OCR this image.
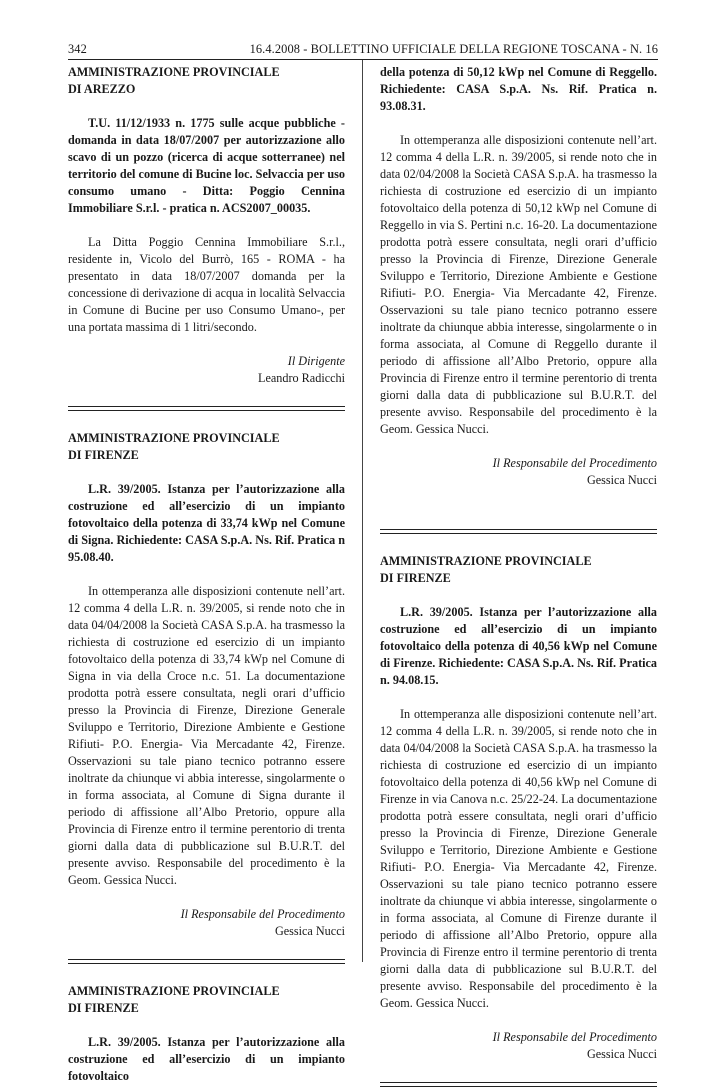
342	16.4.2008 - BOLLETTINO UFFICIALE DELLA REGIONE TOSCANA - N. 16

AMMINISTRAZIONE PROVINCIALE

DI AREZZO

T.U. 11/12/1933 n. 1775 sulle acque pubbliche - domanda in data 18/07/2007 per autorizzazione allo scavo di un pozzo (ricerca di acque sotterranee) nel territorio del comune di Bucine loc. Selvaccia per uso consumo umano - Ditta: Poggio Cennina Immobiliare S.r.l. - pratica n. ACS2007_00035.

La Ditta Poggio Cennina Immobiliare S.r.l., residente in, Vicolo del Burrò, 165 - ROMA - ha presentato in data 18/07/2007 domanda per la concessione di derivazione di acqua in località Selvaccia in Comune di Bucine per uso Consumo Umano-, per una portata massima di 1 litri/secondo.

Il Dirigente
Leandro Radicchi

AMMINISTRAZIONE PROVINCIALE

DI FIRENZE

L.R. 39/2005. Istanza per l’autorizzazione alla costruzione ed all’esercizio di un impianto fotovoltaico della potenza di 33,74 kWp nel Comune di Signa. Richiedente: CASA S.p.A. Ns. Rif. Pratica n 95.08.40.

In ottemperanza alle disposizioni contenute nell’art. 12 comma 4 della L.R. n. 39/2005, si rende noto che in data 04/04/2008 la Società CASA S.p.A. ha trasmesso la richiesta di costruzione ed esercizio di un impianto fotovoltaico della potenza di 33,74 kWp nel Comune di Signa in via della Croce n.c. 51. La documentazione prodotta potrà essere consultata, negli orari d’ufficio presso la Provincia di Firenze, Direzione Generale Sviluppo e Territorio, Direzione Ambiente e Gestione Rifiuti- P.O. Energia- Via Mercadante 42, Firenze. Osservazioni su tale piano tecnico potranno essere inoltrate da chiunque vi abbia interesse, singolarmente o in forma associata, al Comune di Signa durante il periodo di affissione all’Albo Pretorio, oppure alla Provincia di Firenze entro il termine perentorio di trenta giorni dalla data di pubblicazione sul B.U.R.T. del presente avviso. Responsabile del procedimento è la Geom. Gessica Nucci.

Il Responsabile del Procedimento
Gessica Nucci

AMMINISTRAZIONE PROVINCIALE

DI FIRENZE

L.R. 39/2005. Istanza per l’autorizzazione alla costruzione ed all’esercizio di un impianto fotovoltaico

della potenza di 50,12 kWp nel Comune di Reggello. Richiedente: CASA S.p.A. Ns. Rif. Pratica n. 93.08.31.

In ottemperanza alle disposizioni contenute nell’art. 12 comma 4 della L.R. n. 39/2005, si rende noto che in data 02/04/2008 la Società CASA S.p.A. ha trasmesso la richiesta di costruzione ed esercizio di un impianto fotovoltaico della potenza di 50,12 kWp nel Comune di Reggello in via S. Pertini n.c. 16-20. La documentazione prodotta potrà essere consultata, negli orari d’ufficio presso la Provincia di Firenze, Direzione Generale Sviluppo e Territorio, Direzione Ambiente e Gestione Rifiuti- P.O. Energia- Via Mercadante 42, Firenze. Osservazioni su tale piano tecnico potranno essere inoltrate da chiunque abbia interesse, singolarmente o in forma associata, al Comune di Reggello durante il periodo di affissione all’Albo Pretorio, oppure alla Provincia di Firenze entro il termine perentorio di trenta giorni dalla data di pubblicazione sul B.U.R.T. del presente avviso. Responsabile del procedimento è la Geom. Gessica Nucci.

Il Responsabile del Procedimento
Gessica Nucci

AMMINISTRAZIONE PROVINCIALE

DI FIRENZE

L.R. 39/2005. Istanza per l’autorizzazione alla costruzione ed all’esercizio di un impianto fotovoltaico della potenza di 40,56 kWp nel Comune di Firenze. Richiedente: CASA S.p.A. Ns. Rif. Pratica n. 94.08.15.

In ottemperanza alle disposizioni contenute nell’art. 12 comma 4 della L.R. n. 39/2005, si rende noto che in data 04/04/2008 la Società CASA S.p.A. ha trasmesso la richiesta di costruzione ed esercizio di un impianto fotovoltaico della potenza di 40,56 kWp nel Comune di Firenze in via Canova n.c. 25/22-24. La documentazione prodotta potrà essere consultata, negli orari d’ufficio presso la Provincia di Firenze, Direzione Generale Sviluppo e Territorio, Direzione Ambiente e Gestione Rifiuti- P.O. Energia- Via Mercadante 42, Firenze. Osservazioni su tale piano tecnico potranno essere inoltrate da chiunque vi abbia interesse, singolarmente o in forma associata, al Comune di Firenze durante il periodo di affissione all’Albo Pretorio, oppure alla Provincia di Firenze entro il termine perentorio di trenta giorni dalla data di pubblicazione sul B.U.R.T. del presente avviso. Responsabile del procedimento è la Geom. Gessica Nucci.

Il Responsabile del Procedimento
Gessica Nucci
